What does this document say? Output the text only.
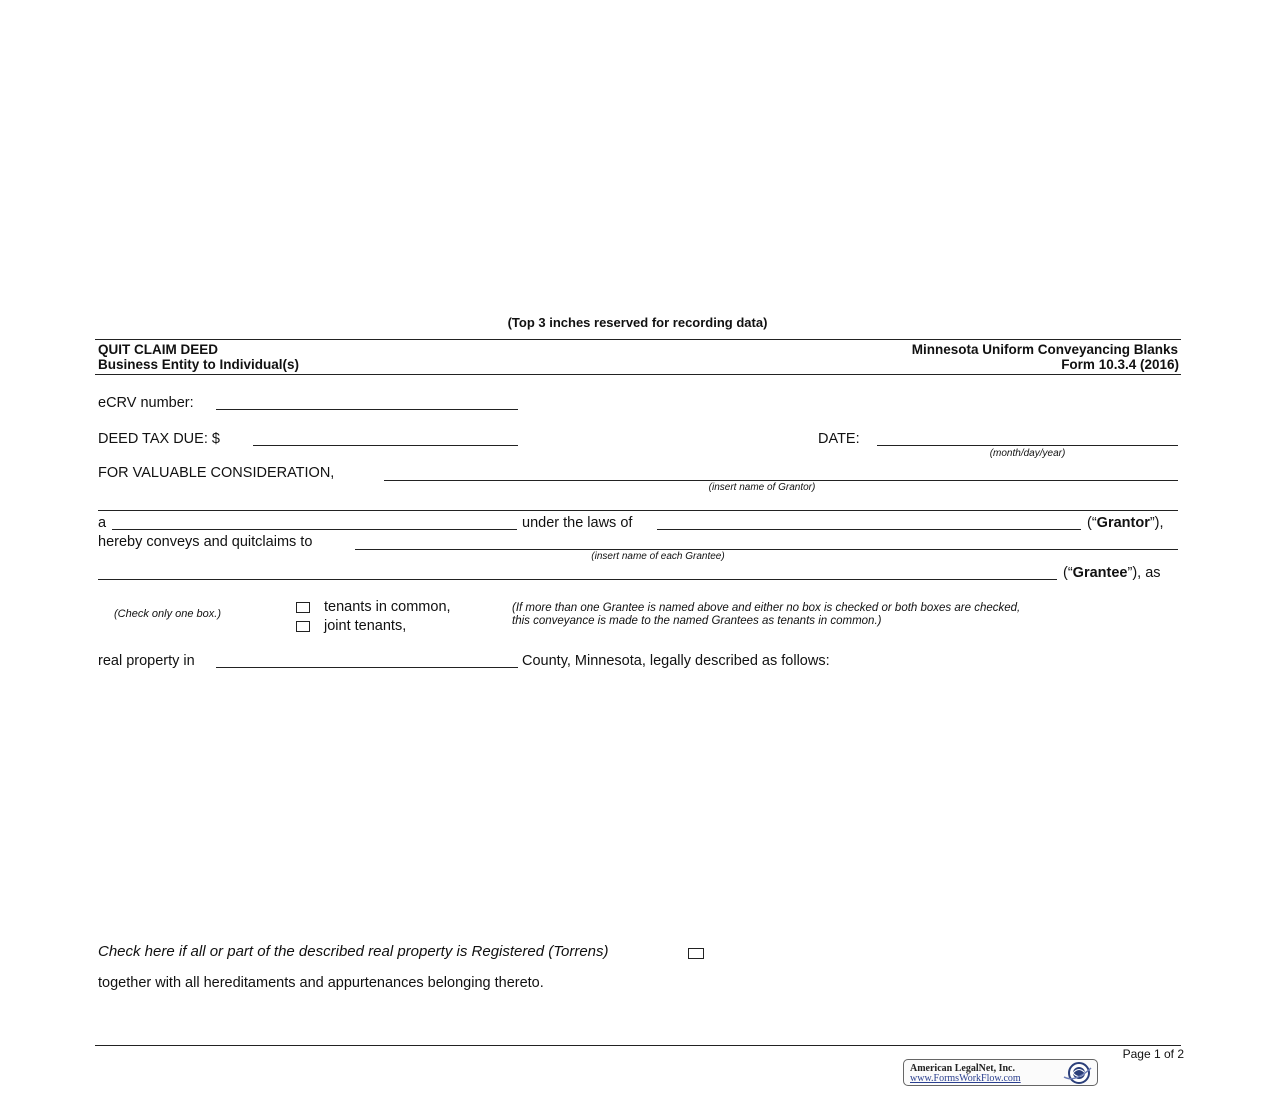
(Top 3 inches reserved for recording data)
QUIT CLAIM DEED
Business Entity to Individual(s)
Minnesota Uniform Conveyancing Blanks
Form 10.3.4 (2016)
eCRV number:
DEED TAX DUE: $	DATE:
(month/day/year)
FOR VALUABLE CONSIDERATION,
(insert name of Grantor)
a	under the laws of	(“Grantor”),
hereby conveys and quitclaims to
(insert name of each Grantee)
(“Grantee”), as
(Check only one box.)	tenants in common,
joint tenants,
(If more than one Grantee is named above and either no box is checked or both boxes are checked,
this conveyance is made to the named Grantees as tenants in common.)
real property in	County, Minnesota, legally described as follows:
Check here if all or part of the described real property is Registered (Torrens)
together with all hereditaments and appurtenances belonging thereto.
Page 1 of 2
American LegalNet, Inc.
www.FormsWorkFlow.com
